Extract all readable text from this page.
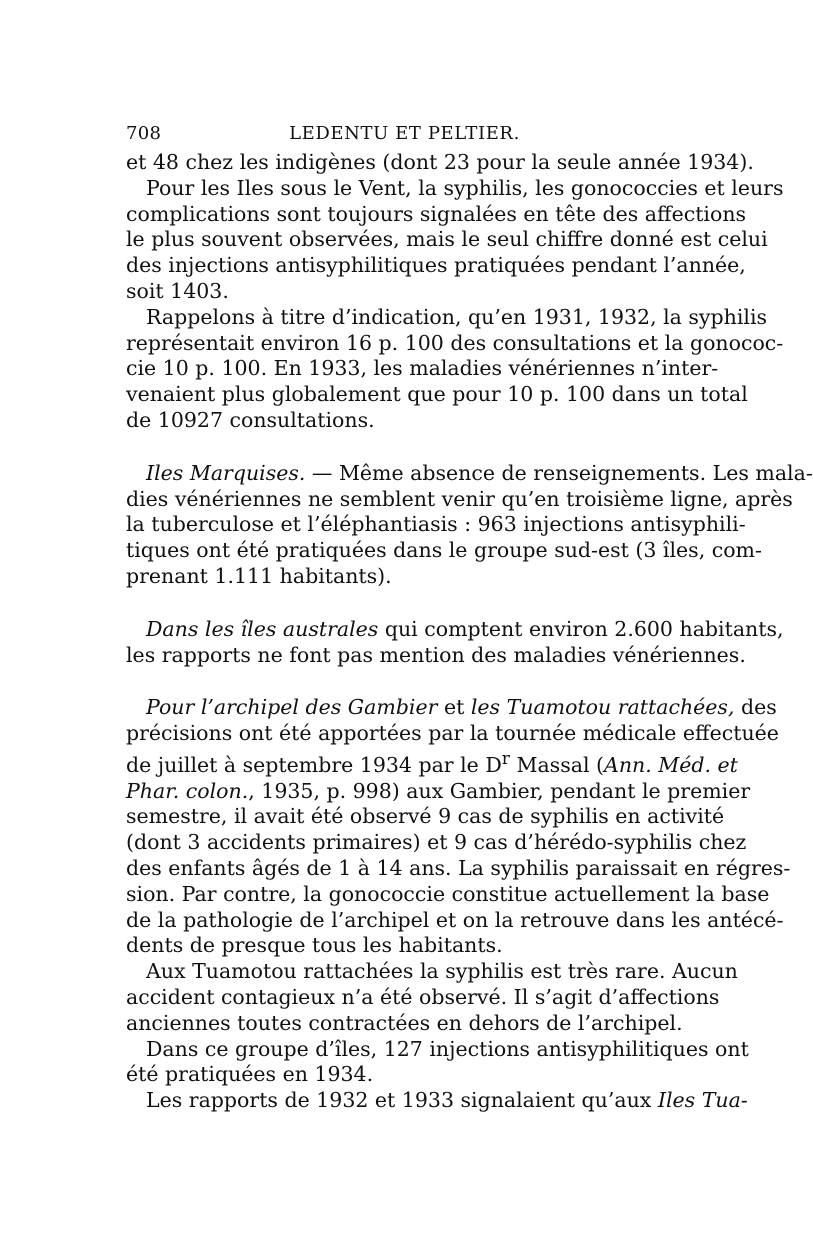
708	LEDENTU ET PELTIER.
et 48 chez les indigènes (dont 23 pour la seule année 1934).
Pour les Iles sous le Vent, la syphilis, les gonococcies et leurs
complications sont toujours signalées en tête des affections
le plus souvent observées, mais le seul chiffre donné est celui
des injections antisyphilitiques pratiquées pendant l’année,
soit 1403.
Rappelons à titre d’indication, qu’en 1931, 1932, la syphilis
représentait environ 16 p. 100 des consultations et la gonococ-
cie 10 p. 100. En 1933, les maladies vénériennes n’inter-
venaient plus globalement que pour 10 p. 100 dans un total
de 10927 consultations.
Iles Marquises. — Même absence de renseignements. Les mala-
dies vénériennes ne semblent venir qu’en troisième ligne, après
la tuberculose et l’éléphantiasis : 963 injections antisyphili-
tiques ont été pratiquées dans le groupe sud-est (3 îles, com-
prenant 1.111 habitants).
Dans les îles australes qui comptent environ 2.600 habitants,
les rapports ne font pas mention des maladies vénériennes.
Pour l’archipel des Gambier et les Tuamotou rattachées, des
précisions ont été apportées par la tournée médicale effectuée
de juillet à septembre 1934 par le $D^r$ Massal (Ann. Méd. et
Phar. colon., 1935, p. 998) aux Gambier, pendant le premier
semestre, il avait été observé 9 cas de syphilis en activité
(dont 3 accidents primaires) et 9 cas d’hérédo-syphilis chez
des enfants âgés de 1 à 14 ans. La syphilis paraissait en régres-
sion. Par contre, la gonococcie constitue actuellement la base
de la pathologie de l’archipel et on la retrouve dans les antécé-
dents de presque tous les habitants.
Aux Tuamotou rattachées la syphilis est très rare. Aucun
accident contagieux n’a été observé. Il s’agit d’affections
anciennes toutes contractées en dehors de l’archipel.
Dans ce groupe d’îles, 127 injections antisyphilitiques ont
été pratiquées en 1934.
Les rapports de 1932 et 1933 signalaient qu’aux Iles Tua-
